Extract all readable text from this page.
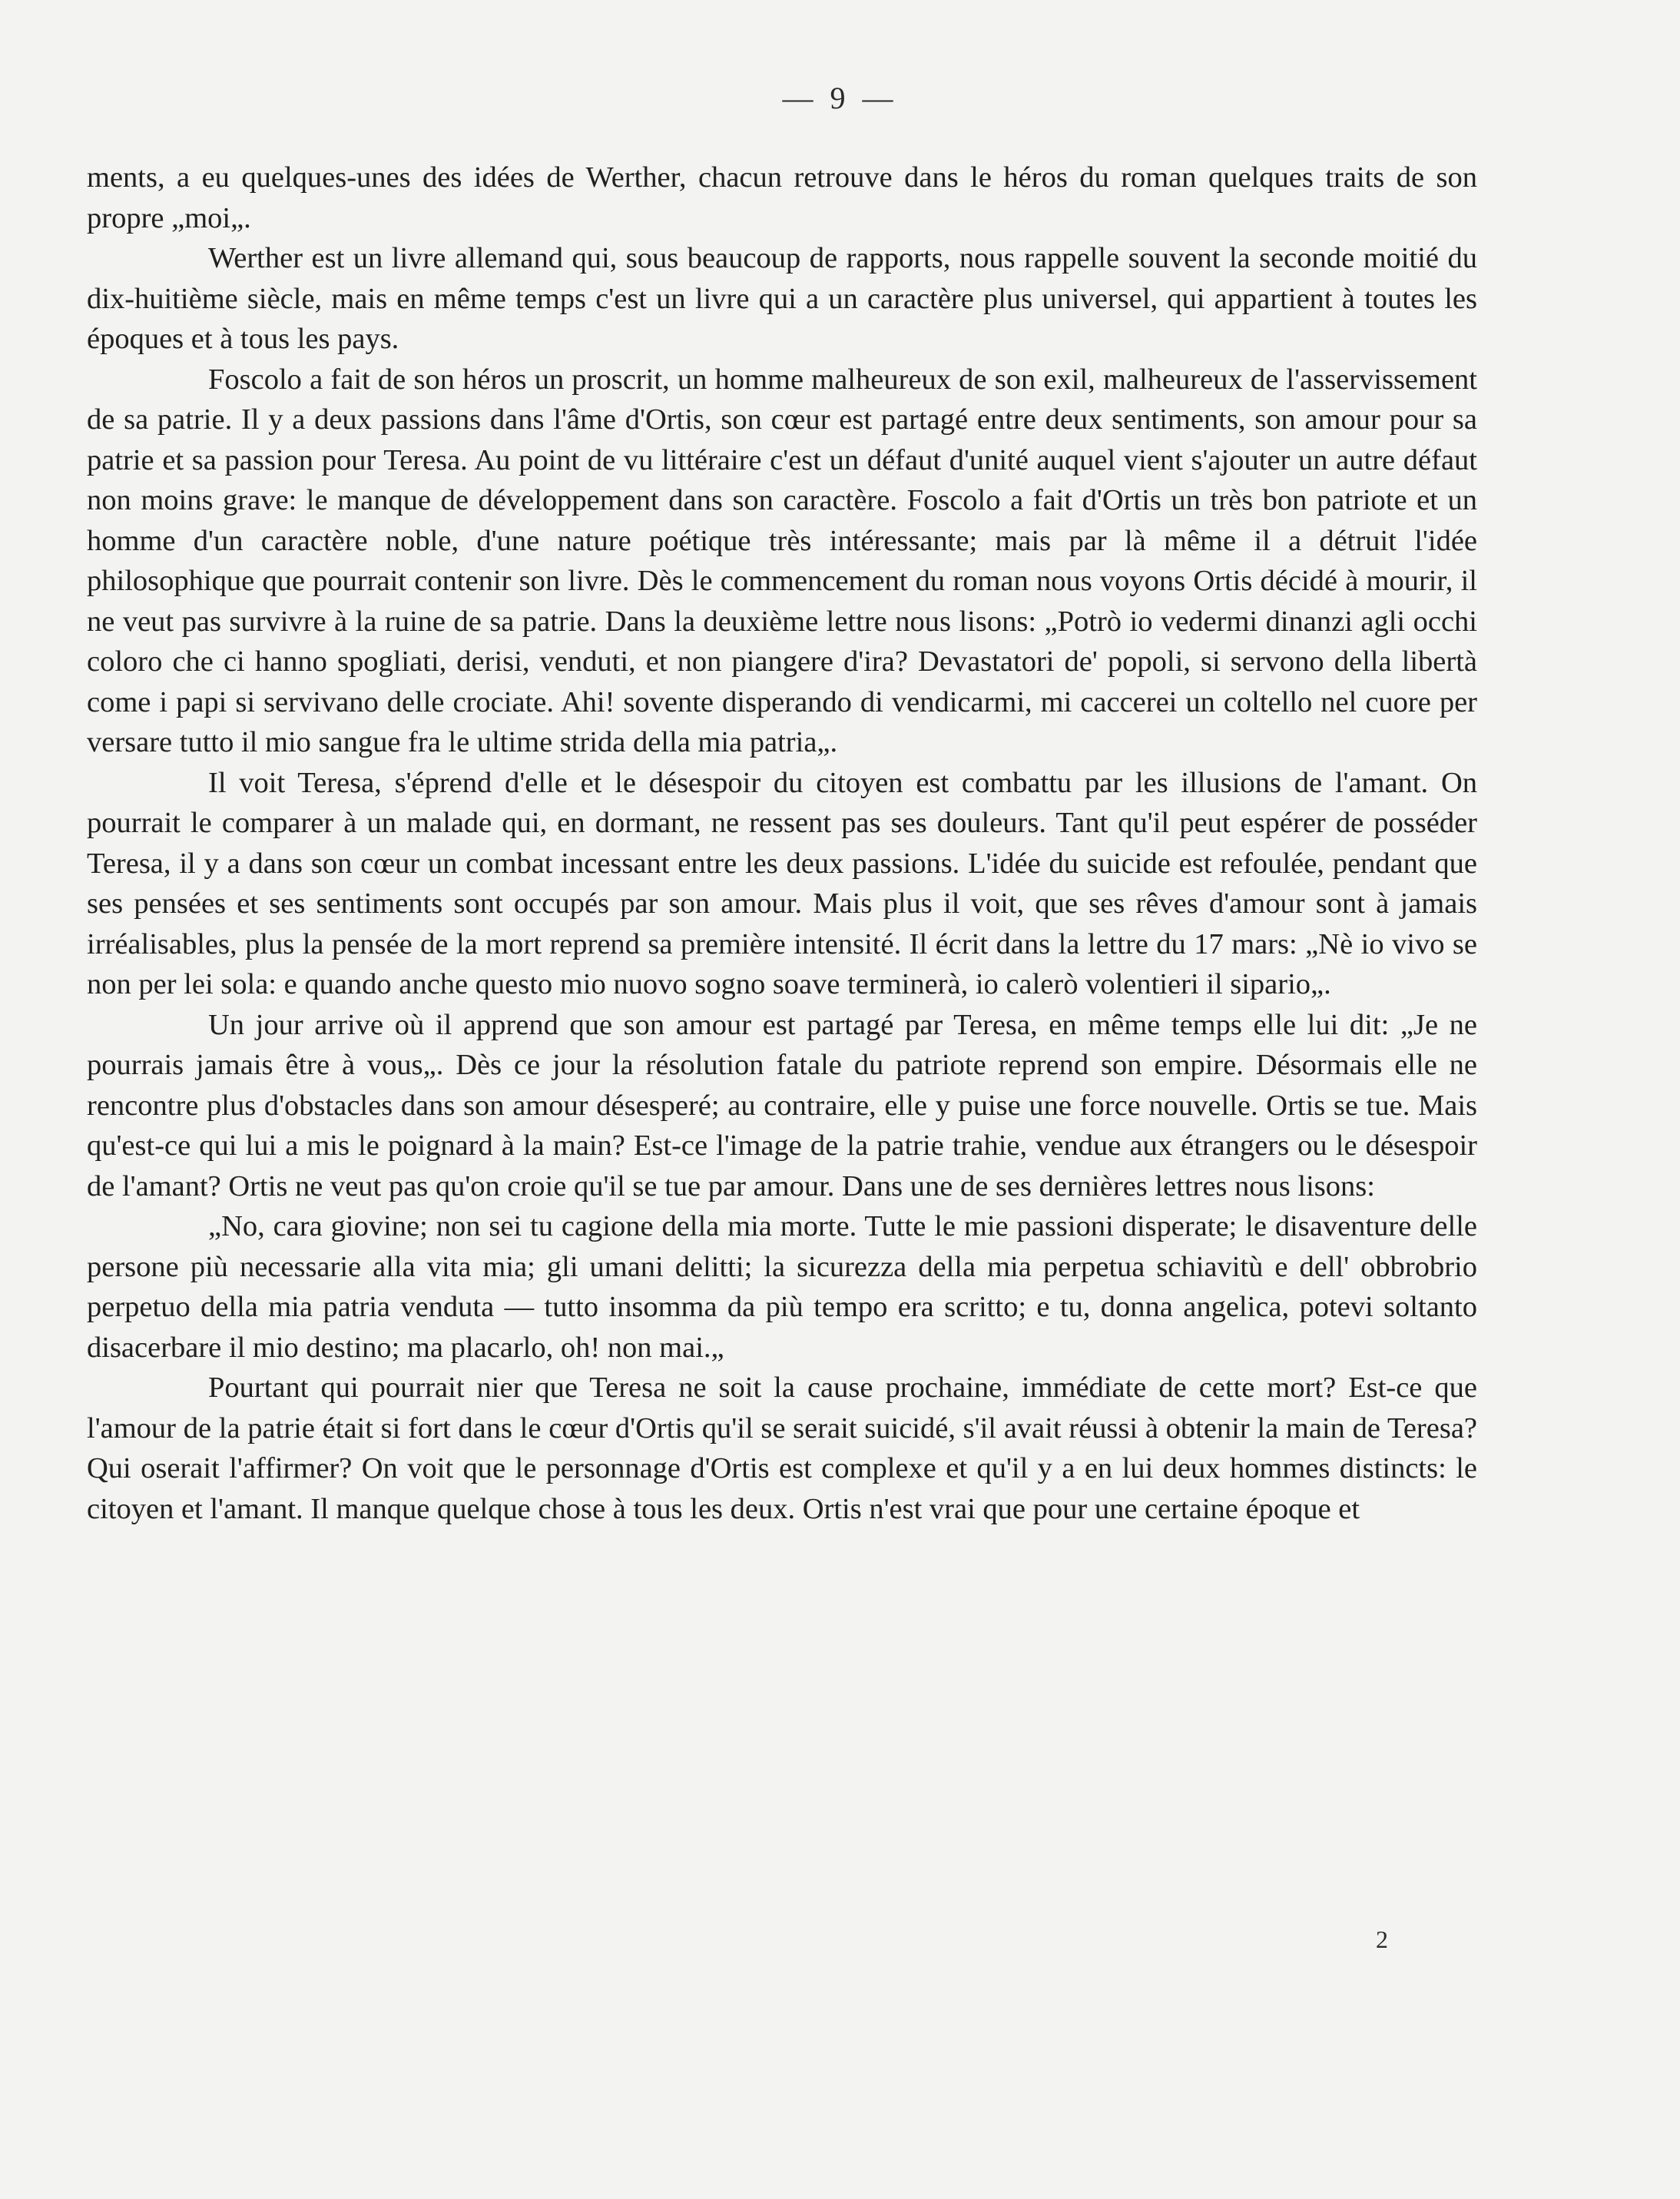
— 9 —

ments, a eu quelques-unes des idées de Werther, chacun retrouve dans le héros du roman quelques traits de son propre „moi„.

Werther est un livre allemand qui, sous beaucoup de rapports, nous rappelle souvent la seconde moitié du dix-huitième siècle, mais en même temps c'est un livre qui a un caractère plus universel, qui appartient à toutes les époques et à tous les pays.

Foscolo a fait de son héros un proscrit, un homme malheureux de son exil, malheureux de l'asservissement de sa patrie. Il y a deux passions dans l'âme d'Ortis, son cœur est partagé entre deux sentiments, son amour pour sa patrie et sa passion pour Teresa. Au point de vu littéraire c'est un défaut d'unité auquel vient s'ajouter un autre défaut non moins grave: le manque de développement dans son caractère. Foscolo a fait d'Ortis un très bon patriote et un homme d'un caractère noble, d'une nature poétique très intéressante; mais par là même il a détruit l'idée philosophique que pourrait contenir son livre. Dès le commencement du roman nous voyons Ortis décidé à mourir, il ne veut pas survivre à la ruine de sa patrie. Dans la deuxième lettre nous lisons: „Potrò io vedermi dinanzi agli occhi coloro che ci hanno spogliati, derisi, venduti, et non piangere d'ira? Devastatori de' popoli, si servono della libertà come i papi si servivano delle crociate. Ahi! sovente disperando di vendicarmi, mi caccerei un coltello nel cuore per versare tutto il mio sangue fra le ultime strida della mia patria„.

Il voit Teresa, s'éprend d'elle et le désespoir du citoyen est combattu par les illusions de l'amant. On pourrait le comparer à un malade qui, en dormant, ne ressent pas ses douleurs. Tant qu'il peut espérer de posséder Teresa, il y a dans son cœur un combat incessant entre les deux passions. L'idée du suicide est refoulée, pendant que ses pensées et ses sentiments sont occupés par son amour. Mais plus il voit, que ses rêves d'amour sont à jamais irréalisables, plus la pensée de la mort reprend sa première intensité. Il écrit dans la lettre du 17 mars: „Nè io vivo se non per lei sola: e quando anche questo mio nuovo sogno soave terminerà, io calerò volentieri il sipario„.

Un jour arrive où il apprend que son amour est partagé par Teresa, en même temps elle lui dit: „Je ne pourrais jamais être à vous„. Dès ce jour la résolution fatale du patriote reprend son empire. Désormais elle ne rencontre plus d'obstacles dans son amour désesperé; au contraire, elle y puise une force nouvelle. Ortis se tue. Mais qu'est-ce qui lui a mis le poignard à la main? Est-ce l'image de la patrie trahie, vendue aux étrangers ou le désespoir de l'amant? Ortis ne veut pas qu'on croie qu'il se tue par amour. Dans une de ses dernières lettres nous lisons:

„No, cara giovine; non sei tu cagione della mia morte. Tutte le mie passioni disperate; le disaventure delle persone più necessarie alla vita mia; gli umani delitti; la sicurezza della mia perpetua schiavitù e dell' obbrobrio perpetuo della mia patria venduta — tutto insomma da più tempo era scritto; e tu, donna angelica, potevi soltanto disacerbare il mio destino; ma placarlo, oh! non mai.„

Pourtant qui pourrait nier que Teresa ne soit la cause prochaine, immédiate de cette mort? Est-ce que l'amour de la patrie était si fort dans le cœur d'Ortis qu'il se serait suicidé, s'il avait réussi à obtenir la main de Teresa? Qui oserait l'affirmer? On voit que le personnage d'Ortis est complexe et qu'il y a en lui deux hommes distincts: le citoyen et l'amant. Il manque quelque chose à tous les deux. Ortis n'est vrai que pour une certaine époque et

2
